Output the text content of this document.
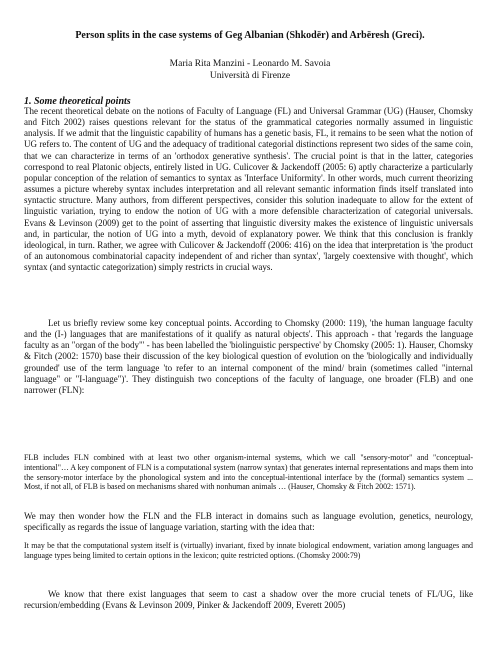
Person splits in the case systems of Geg Albanian (Shkodër) and Arbëresh (Greci).
Maria Rita Manzini - Leonardo M. Savoia
Università di Firenze
1. Some theoretical points
The recent theoretical debate on the notions of Faculty of Language (FL) and Universal Grammar (UG) (Hauser, Chomsky and Fitch 2002) raises questions relevant for the status of the grammatical categories normally assumed in linguistic analysis. If we admit that the linguistic capability of humans has a genetic basis, FL, it remains to be seen what the notion of UG refers to. The content of UG and the adequacy of traditional categorial distinctions represent two sides of the same coin, that we can characterize in terms of an 'orthodox generative synthesis'. The crucial point is that in the latter, categories correspond to real Platonic objects, entirely listed in UG. Culicover & Jackendoff (2005: 6) aptly characterize a particularly popular conception of the relation of semantics to syntax as 'Interface Uniformity'. In other words, much current theorizing assumes a picture whereby syntax includes interpretation and all relevant semantic information finds itself translated into syntactic structure. Many authors, from different perspectives, consider this solution inadequate to allow for the extent of linguistic variation, trying to endow the notion of UG with a more defensible characterization of categorial universals. Evans & Levinson (2009) get to the point of asserting that linguistic diversity makes the existence of linguistic universals and, in particular, the notion of UG into a myth, devoid of explanatory power. We think that this conclusion is frankly ideological, in turn. Rather, we agree with Culicover & Jackendoff (2006: 416) on the idea that interpretation is 'the product of an autonomous combinatorial capacity independent of and richer than syntax', 'largely coextensive with thought', which syntax (and syntactic categorization) simply restricts in crucial ways.
Let us briefly review some key conceptual points. According to Chomsky (2000: 119), 'the human language faculty and the (I-) languages that are manifestations of it qualify as natural objects'. This approach - that 'regards the language faculty as an "organ of the body"' - has been labelled the 'biolinguistic perspective' by Chomsky (2005: 1). Hauser, Chomsky & Fitch (2002: 1570) base their discussion of the key biological question of evolution on the 'biologically and individually grounded' use of the term language 'to refer to an internal component of the mind/ brain (sometimes called "internal language" or "I-language")'. They distinguish two conceptions of the faculty of language, one broader (FLB) and one narrower (FLN):
FLB includes FLN combined with at least two other organism-internal systems, which we call "sensory-motor" and "conceptual-intentional"… A key component of FLN is a computational system (narrow syntax) that generates internal representations and maps them into the sensory-motor interface by the phonological system and into the conceptual-intentional interface by the (formal) semantics system ... Most, if not all, of FLB is based on mechanisms shared with nonhuman animals … (Hauser, Chomsky & Fitch 2002: 1571).
We may then wonder how the FLN and the FLB interact in domains such as language evolution, genetics, neurology, specifically as regards the issue of language variation, starting with the idea that:
It may be that the computational system itself is (virtually) invariant, fixed by innate biological endowment, variation among languages and language types being limited to certain options in the lexicon; quite restricted options. (Chomsky 2000:79)
We know that there exist languages that seem to cast a shadow over the more crucial tenets of FL/UG, like recursion/embedding (Evans & Levinson 2009, Pinker & Jackendoff 2009, Everett 2005)
